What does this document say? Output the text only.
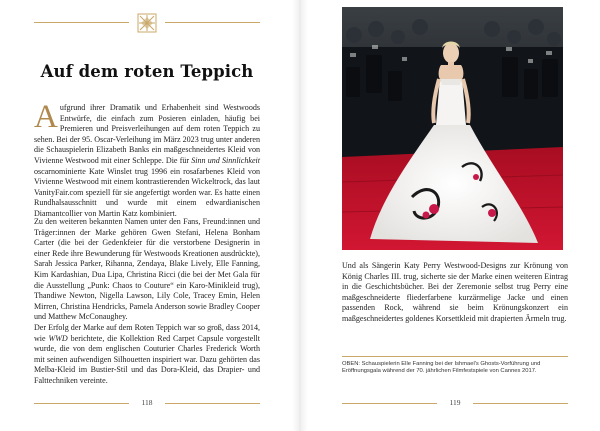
Auf dem roten Teppich
Aufgrund ihrer Dramatik und Erhabenheit sind Westwoods Entwürfe, die einfach zum Posieren einladen, häufig bei Premieren und Preisverleihungen auf dem roten Teppich zu sehen. Bei der 95. Oscar-Verleihung im März 2023 trug unter anderen die Schauspielerin Elizabeth Banks ein maßgeschneidertes Kleid von Vivienne Westwood mit einer Schleppe. Die für Sinn und Sinnlichkeit oscarnominierte Kate Winslet trug 1996 ein rosafarbenes Kleid von Vivienne Westwood mit einem kontrastierenden Wickeltrock, das laut VanityFair.com speziell für sie angefertigt worden war. Es hatte einen Rundhalsausschnitt und wurde mit einem edwardianischen Diamantcollier von Martin Katz kombiniert.
Zu den weiteren bekannten Namen unter den Fans, Freund:innen und Träger:innen der Marke gehören Gwen Stefani, Helena Bonham Carter (die bei der Gedenkfeier für die verstorbene Designerin in einer Rede ihre Bewunderung für Westwoods Kreationen ausdrückte), Sarah Jessica Parker, Rihanna, Zendaya, Blake Lively, Elle Fanning, Kim Kardashian, Dua Lipa, Christina Ricci (die bei der Met Gala für die Ausstellung „Punk: Chaos to Couture“ ein Karo-Minikleid trug), Thandiwe Newton, Nigella Lawson, Lily Cole, Tracey Emin, Helen Mirren, Christina Hendricks, Pamela Anderson sowie Bradley Cooper und Matthew McConaughey.
Der Erfolg der Marke auf dem Roten Teppich war so groß, dass 2014, wie WWD berichtete, die Kollektion Red Carpet Capsule vorgestellt wurde, die von dem englischen Couturier Charles Frederick Worth mit seinen aufwendigen Silhouetten inspiriert war. Dazu gehörten das Melba-Kleid im Bustier-Stil und das Dora-Kleid, das Drapier- und Falttechniken vereinte.
118
Und als Sängerin Katy Perry Westwood-Designs zur Krönung von König Charles III. trug, sicherte sie der Marke einen weiteren Eintrag in die Geschichtsbücher. Bei der Zeremonie selbst trug Perry eine maßgeschneiderte fliederfarbene kurzärmelige Jacke und einen passenden Rock, während sie beim Krönungskonzert ein maßgeschneidertes goldenes Korsettkleid mit drapierten Ärmeln trug.
OBEN: Schauspielerin Elle Fanning bei der Ishmael's Ghosts-Vorführung und Eröffnungsgala während der 70. jährlichen Filmfestspiele von Cannes 2017.
119
